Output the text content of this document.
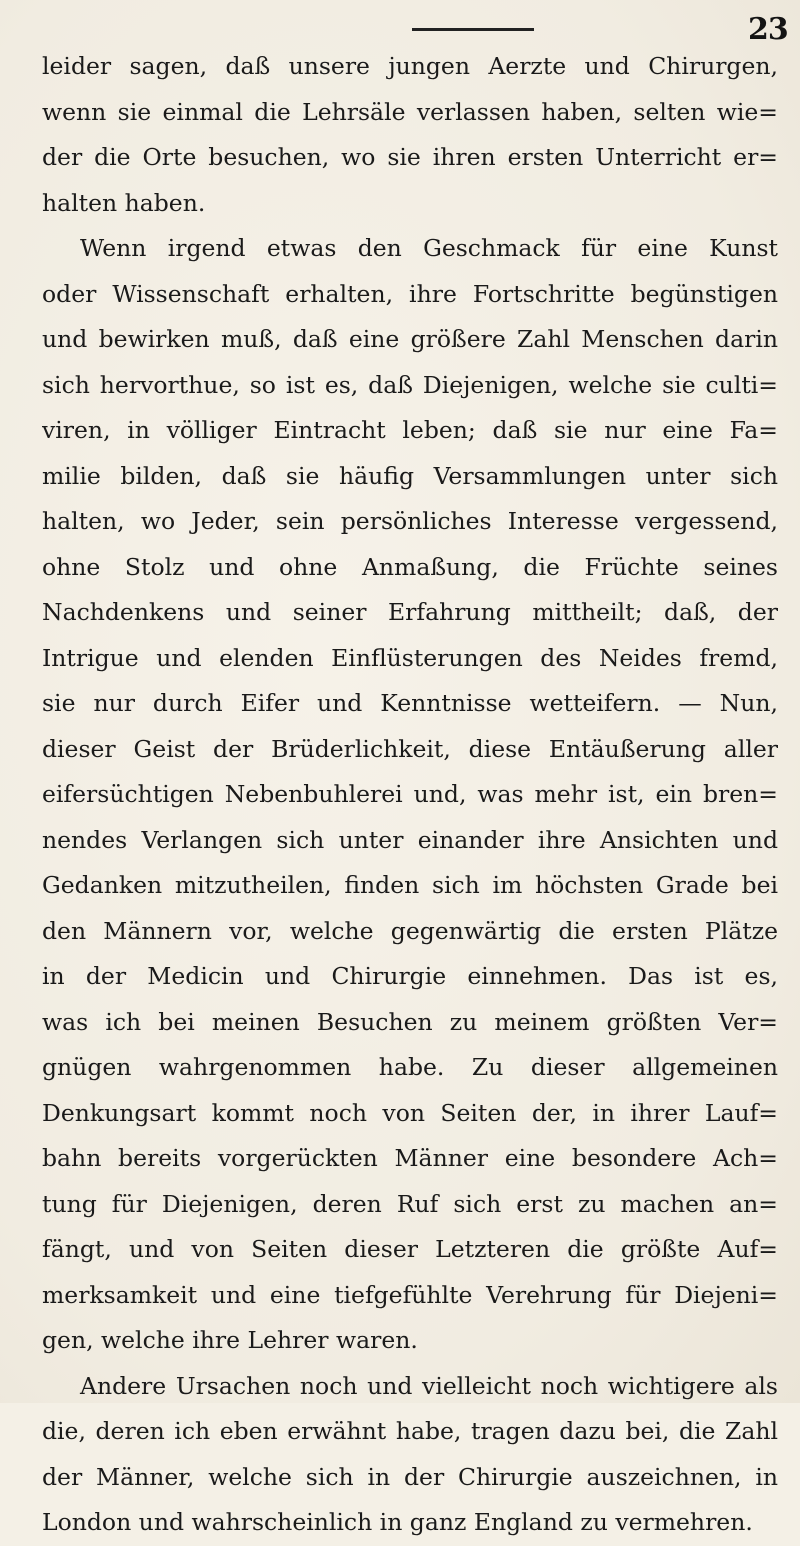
23
leider sagen, daß unsere jungen Aerzte und Chirurgen,
wenn sie einmal die Lehrsäle verlassen haben, selten wie=
der die Orte besuchen, wo sie ihren ersten Unterricht er=
halten haben.
Wenn irgend etwas den Geschmack für eine Kunst
oder Wissenschaft erhalten, ihre Fortschritte begünstigen
und bewirken muß, daß eine größere Zahl Menschen darin
sich hervorthue, so ist es, daß Diejenigen, welche sie culti=
viren, in völliger Eintracht leben; daß sie nur eine Fa=
milie bilden, daß sie häufig Versammlungen unter sich
halten, wo Jeder, sein persönliches Interesse vergessend,
ohne Stolz und ohne Anmaßung, die Früchte seines
Nachdenkens und seiner Erfahrung mittheilt; daß, der
Intrigue und elenden Einflüsterungen des Neides fremd,
sie nur durch Eifer und Kenntnisse wetteifern. — Nun,
dieser Geist der Brüderlichkeit, diese Entäußerung aller
eifersüchtigen Nebenbuhlerei und, was mehr ist, ein bren=
nendes Verlangen sich unter einander ihre Ansichten und
Gedanken mitzutheilen, finden sich im höchsten Grade bei
den Männern vor, welche gegenwärtig die ersten Plätze
in der Medicin und Chirurgie einnehmen. Das ist es,
was ich bei meinen Besuchen zu meinem größten Ver=
gnügen wahrgenommen habe. Zu dieser allgemeinen
Denkungsart kommt noch von Seiten der, in ihrer Lauf=
bahn bereits vorgerückten Männer eine besondere Ach=
tung für Diejenigen, deren Ruf sich erst zu machen an=
fängt, und von Seiten dieser Letzteren die größte Auf=
merksamkeit und eine tiefgefühlte Verehrung für Diejeni=
gen, welche ihre Lehrer waren.
Andere Ursachen noch und vielleicht noch wichtigere als
die, deren ich eben erwähnt habe, tragen dazu bei, die Zahl
der Männer, welche sich in der Chirurgie auszeichnen, in
London und wahrscheinlich in ganz England zu vermehren.
